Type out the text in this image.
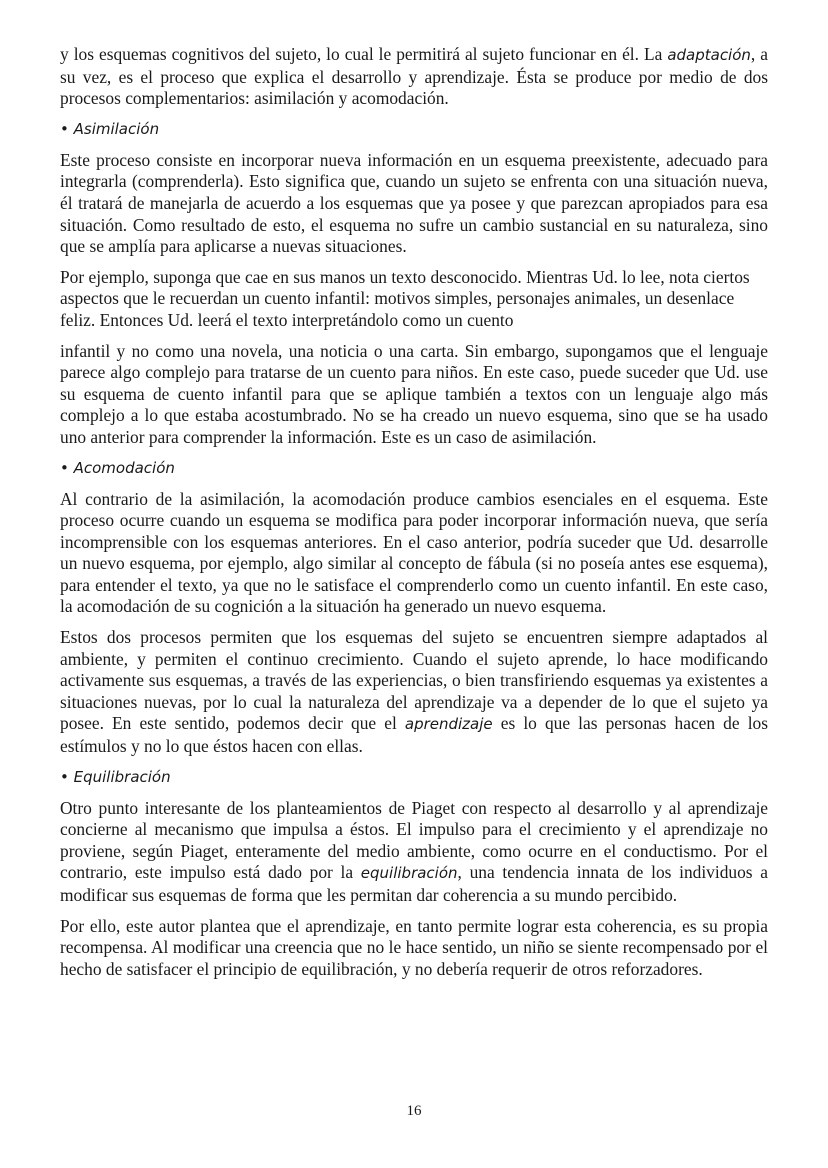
y los esquemas cognitivos del sujeto, lo cual le permitirá al sujeto funcionar en él. La adaptación, a su vez, es el proceso que explica el desarrollo y aprendizaje. Ésta se produce por medio de dos procesos complementarios: asimilación y acomodación.

• Asimilación

Este proceso consiste en incorporar nueva información en un esquema preexistente, adecuado para integrarla (comprenderla). Esto significa que, cuando un sujeto se enfrenta con una situación nueva, él tratará de manejarla de acuerdo a los esquemas que ya posee y que parezcan apropiados para esa situación. Como resultado de esto, el esquema no sufre un cambio sustancial en su naturaleza, sino que se amplía para aplicarse a nuevas situaciones.

Por ejemplo, suponga que cae en sus manos un texto desconocido. Mientras Ud. lo lee, nota ciertos aspectos que le recuerdan un cuento infantil: motivos simples, personajes animales, un desenlace feliz. Entonces Ud. leerá el texto interpretándolo como un cuento

infantil y no como una novela, una noticia o una carta. Sin embargo, supongamos que el lenguaje parece algo complejo para tratarse de un cuento para niños. En este caso, puede suceder que Ud. use su esquema de cuento infantil para que se aplique también a textos con un lenguaje algo más complejo a lo que estaba acostumbrado. No se ha creado un nuevo esquema, sino que se ha usado uno anterior para comprender la información. Este es un caso de asimilación.

• Acomodación

Al contrario de la asimilación, la acomodación produce cambios esenciales en el esquema. Este proceso ocurre cuando un esquema se modifica para poder incorporar información nueva, que sería incomprensible con los esquemas anteriores. En el caso anterior, podría suceder que Ud. desarrolle un nuevo esquema, por ejemplo, algo similar al concepto de fábula (si no poseía antes ese esquema), para entender el texto, ya que no le satisface el comprenderlo como un cuento infantil. En este caso, la acomodación de su cognición a la situación ha generado un nuevo esquema.

Estos dos procesos permiten que los esquemas del sujeto se encuentren siempre adaptados al ambiente, y permiten el continuo crecimiento. Cuando el sujeto aprende, lo hace modificando activamente sus esquemas, a través de las experiencias, o bien transfiriendo esquemas ya existentes a situaciones nuevas, por lo cual la naturaleza del aprendizaje va a depender de lo que el sujeto ya posee. En este sentido, podemos decir que el aprendizaje es lo que las personas hacen de los estímulos y no lo que éstos hacen con ellas.

• Equilibración

Otro punto interesante de los planteamientos de Piaget con respecto al desarrollo y al aprendizaje concierne al mecanismo que impulsa a éstos. El impulso para el crecimiento y el aprendizaje no proviene, según Piaget, enteramente del medio ambiente, como ocurre en el conductismo. Por el contrario, este impulso está dado por la equilibración, una tendencia innata de los individuos a modificar sus esquemas de forma que les permitan dar coherencia a su mundo percibido.

Por ello, este autor plantea que el aprendizaje, en tanto permite lograr esta coherencia, es su propia recompensa. Al modificar una creencia que no le hace sentido, un niño se siente recompensado por el hecho de satisfacer el principio de equilibración, y no debería requerir de otros reforzadores.

16
